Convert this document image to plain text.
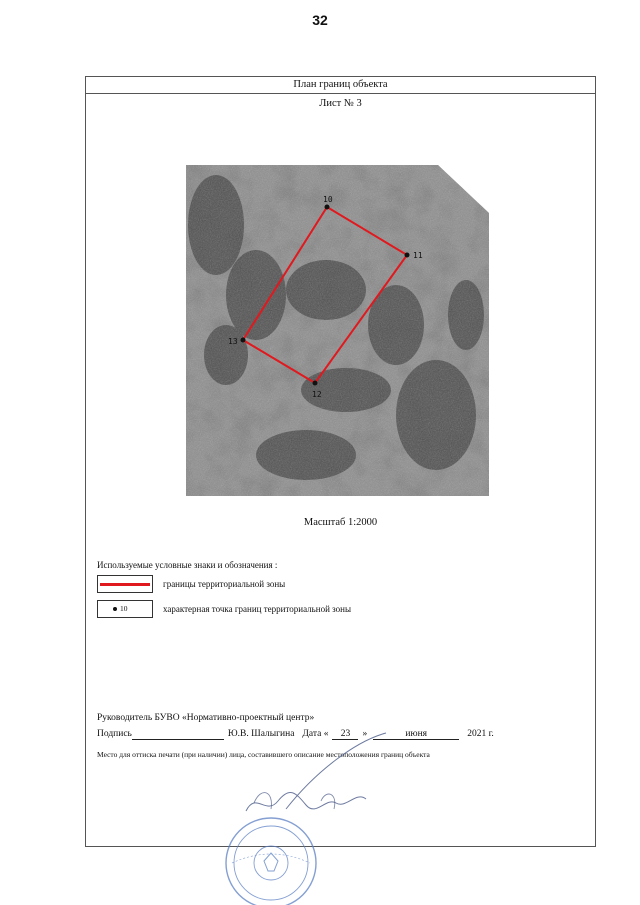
32
План границ объекта
Лист № 3
10
11
12
13
Масштаб 1:2000
Используемые условные знаки и обозначения :
границы территориальной зоны
10	характерная точка границ территориальной зоны
Руководитель БУВО «Нормативно-проектный центр»
Подпись
	Ю.В. Шалыгина Дата «	23	»	июня	2021 г.
Место для оттиска печати (при наличии) лица, составившего описание местоположения границ объекта
